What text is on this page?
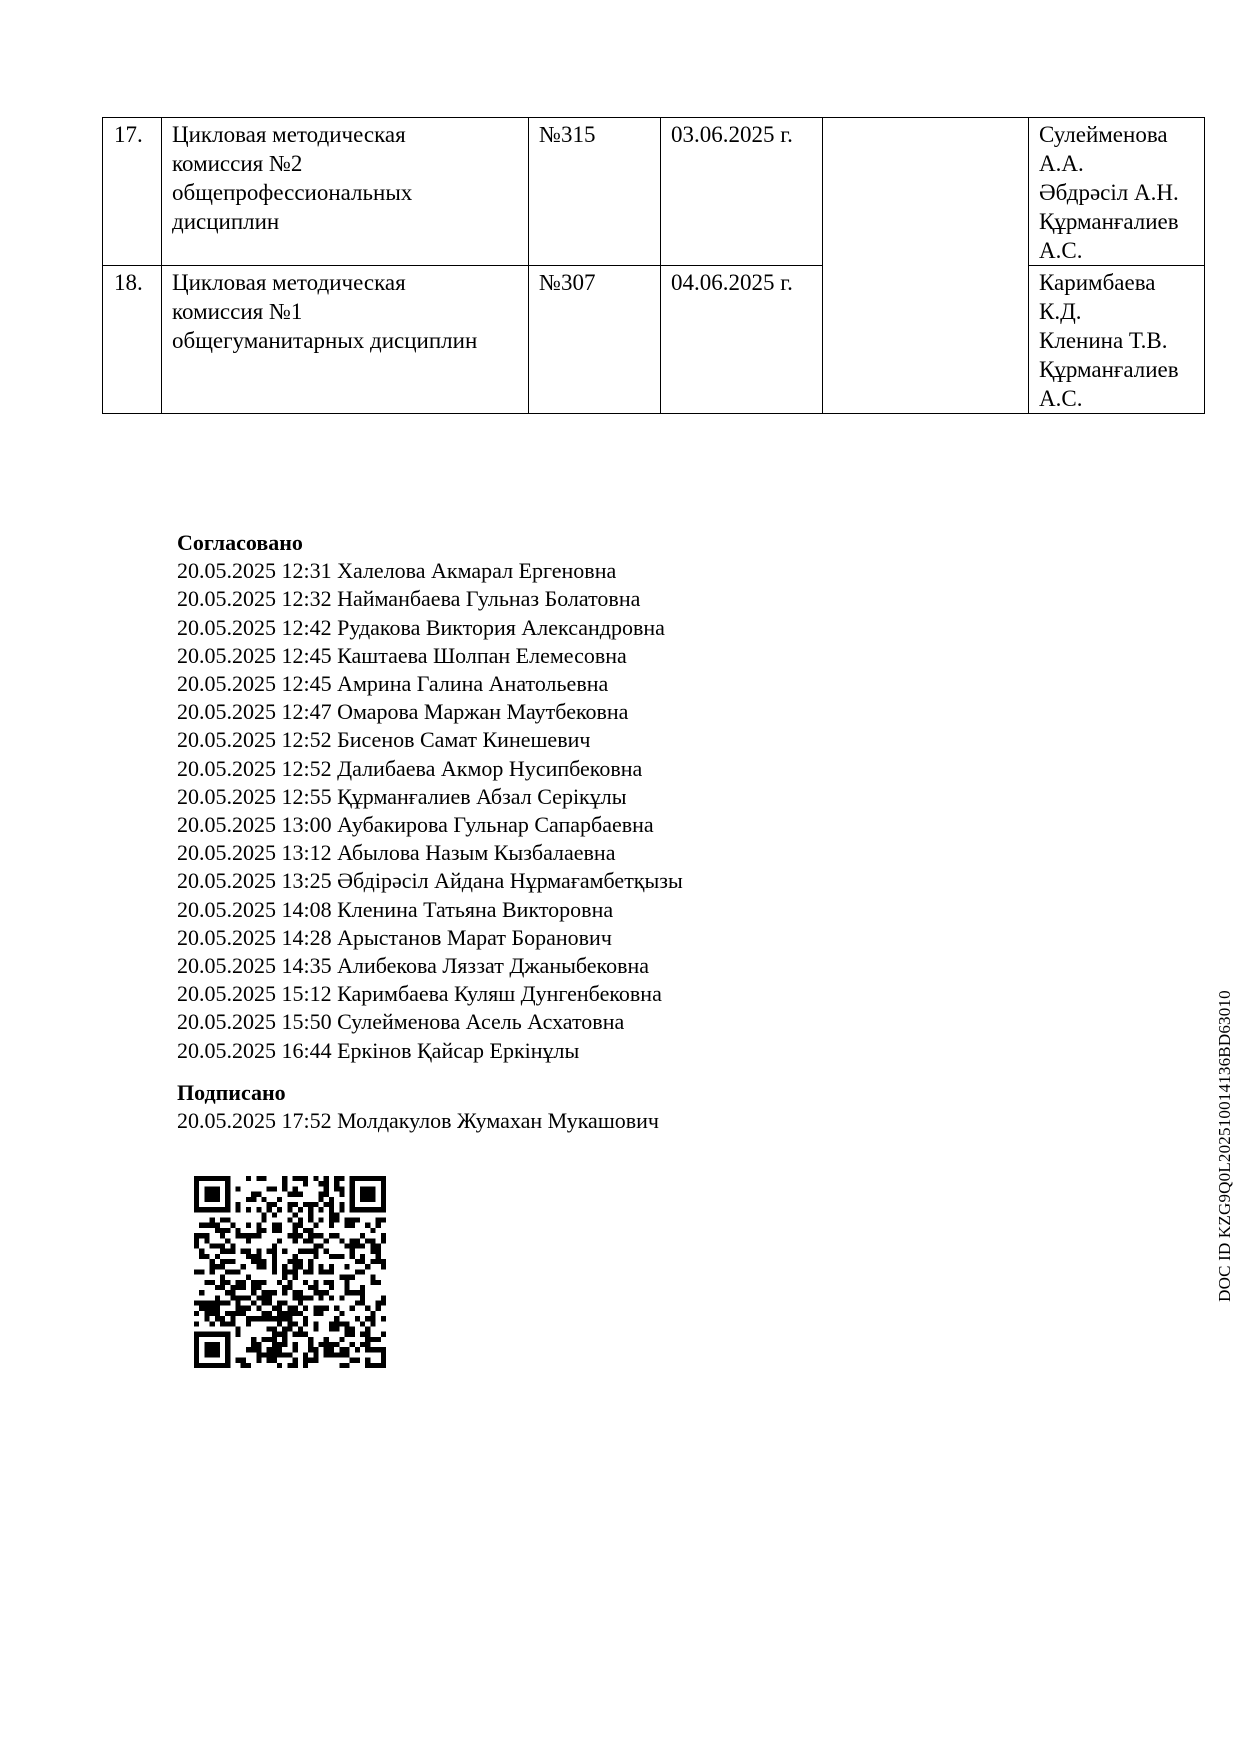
17.	Цикловая методическая
комиссия №2
общепрофессиональных
дисциплин	№315	03.06.2025 г.		Сулейменова
А.А.
Әбдрәсіл А.Н.
Құрманғалиев
А.С.

18.	Цикловая методическая
комиссия №1
общегуманитарных дисциплин	№307	04.06.2025 г.		Каримбаева
К.Д.
Кленина Т.В.
Құрманғалиев
А.С.
Согласовано
20.05.2025 12:31 Халелова Акмарал Ергеновна
20.05.2025 12:32 Найманбаева Гульназ Болатовна
20.05.2025 12:42 Рудакова Виктория Александровна
20.05.2025 12:45 Каштаева Шолпан Елемесовна
20.05.2025 12:45 Амрина Галина Анатольевна
20.05.2025 12:47 Омарова Маржан Маутбековна
20.05.2025 12:52 Бисенов Самат Кинешевич
20.05.2025 12:52 Далибаева Акмор Нусипбековна
20.05.2025 12:55 Құрманғалиев Абзал Серікұлы
20.05.2025 13:00 Аубакирова Гульнар Сапарбаевна
20.05.2025 13:12 Абылова Назым Кызбалаевна
20.05.2025 13:25 Әбдірәсіл Айдана Нұрмағамбетқызы
20.05.2025 14:08 Кленина Татьяна Викторовна
20.05.2025 14:28 Арыстанов Марат Боранович
20.05.2025 14:35 Алибекова Ляззат Джаныбековна
20.05.2025 15:12 Каримбаева Куляш Дунгенбековна
20.05.2025 15:50 Сулейменова Асель Асхатовна
20.05.2025 16:44 Еркінов Қайсар Еркінұлы
Подписано
20.05.2025 17:52 Молдакулов Жумахан Мукашович	DOC ID KZG9Q0L202510014136BD63010
